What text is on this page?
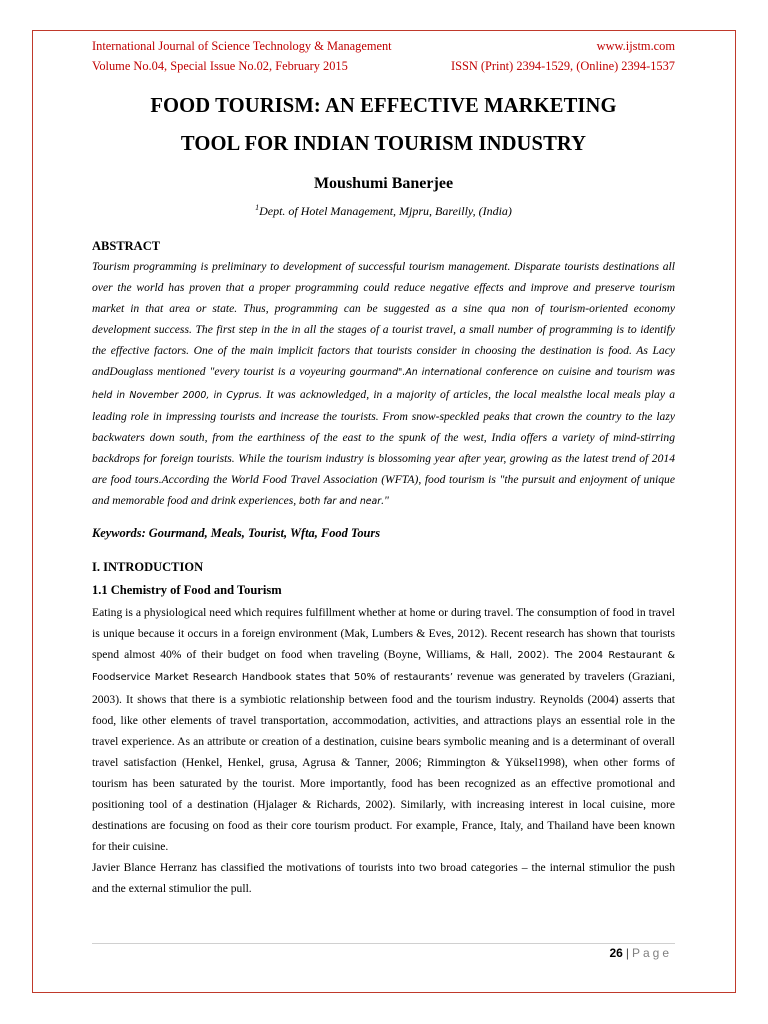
International Journal of Science Technology & Management	www.ijstm.com
Volume No.04, Special Issue No.02, February 2015	ISSN (Print) 2394-1529, (Online) 2394-1537
FOOD TOURISM: AN EFFECTIVE MARKETING
TOOL FOR INDIAN TOURISM INDUSTRY
Moushumi Banerjee
$^1$Dept. of Hotel Management, Mjpru, Bareilly, (India)
ABSTRACT
Tourism programming is preliminary to development of successful tourism management. Disparate tourists destinations all over the world has proven that a proper programming could reduce negative effects and improve and preserve tourism market in that area or state. Thus, programming can be suggested as a sine qua non of tourism-oriented economy development success. The first step in the in all the stages of a tourist travel, a small number of programming is to identify the effective factors. One of the main implicit factors that tourists consider in choosing the destination is food. As Lacy andDouglass mentioned "every tourist is a voyeuring gourmand".An international conference on cuisine and tourism was held in November 2000, in Cyprus. It was acknowledged, in a majority of articles, the local mealsthe local meals play a leading role in impressing tourists and increase the tourists. From snow-speckled peaks that crown the country to the lazy backwaters down south, from the earthiness of the east to the spunk of the west, India offers a variety of mind-stirring backdrops for foreign tourists. While the tourism industry is blossoming year after year, growing as the latest trend of 2014 are food tours.According the World Food Travel Association (WFTA), food tourism is "the pursuit and enjoyment of unique and memorable food and drink experiences, both far and near."
Keywords: Gourmand, Meals, Tourist, Wfta, Food Tours
I. INTRODUCTION
1.1 Chemistry of Food and Tourism

Eating is a physiological need which requires fulfillment whether at home or during travel. The consumption of food in travel is unique because it occurs in a foreign environment (Mak, Lumbers & Eves, 2012). Recent research has shown that tourists spend almost 40% of their budget on food when traveling (Boyne, Williams, & Hall, 2002). The 2004 Restaurant & Foodservice Market Research Handbook states that 50% of restaurants’ revenue was generated by travelers (Graziani, 2003). It shows that there is a symbiotic relationship between food and the tourism industry. Reynolds (2004) asserts that food, like other elements of travel transportation, accommodation, activities, and attractions plays an essential role in the travel experience. As an attribute or creation of a destination, cuisine bears symbolic meaning and is a determinant of overall travel satisfaction (Henkel, Henkel, grusa, Agrusa & Tanner, 2006; Rimmington & Yüksel1998), when other forms of tourism has been saturated by the tourist. More importantly, food has been recognized as an effective promotional and positioning tool of a destination (Hjalager & Richards, 2002). Similarly, with increasing interest in local cuisine, more destinations are focusing on food as their core tourism product. For example, France, Italy, and Thailand have been known for their cuisine.

Javier Blance Herranz has classified the motivations of tourists into two broad categories – the internal stimulior the push and the external stimulior the pull.

26 | Page
